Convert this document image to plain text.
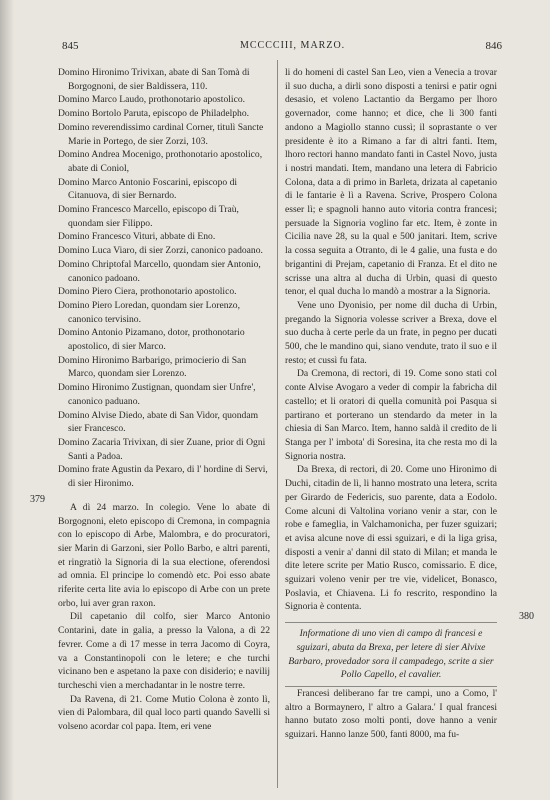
845	MCCCCIII, MARZO.	846
379
380
Domino Hironimo Trivixan, abate di San Tomà di Borgognoni, de sier Baldissera, 110.
Domino Marco Laudo, prothonotario apostolico.
Domino Bortolo Paruta, episcopo de Philadelpho.
Domino reverendissimo cardinal Corner, titulì Sancte Marie in Portego, de sier Zorzi, 103.
Domino Andrea Mocenigo, prothonotario apostolico, abate di Coniol,
Domino Marco Antonio Foscarini, episcopo di Citanuova, di sier Bernardo.
Domino Francesco Marcello, episcopo di Traù, quondam sier Filippo.
Domino Francesco Vituri, abbate di Eno.
Domino Luca Viaro, di sier Zorzi, canonico padoano.
Domino Chriptofal Marcello, quondam sier Antonio, canonico padoano.
Domino Piero Ciera, prothonotario apostolico.
Domino Piero Loredan, quondam sier Lorenzo, canonico tervisino.
Domino Antonio Pizamano, dotor, prothonotario apostolico, di sier Marco.
Domino Hironimo Barbarigo, primocierio di San Marco, quondam sier Lorenzo.
Domino Hironimo Zustignan, quondam sier Unfre', canonico paduano.
Domino Alvise Diedo, abate di San Vidor, quondam sier Francesco.
Domino Zacaria Trivixan, di sier Zuane, prior di Ogni Santi a Padoa.
Domino frate Agustin da Pexaro, di l' hordine di Servi, di sier Hironimo.
A dì 24 marzo. In colegio. Vene lo abate di Borgognoni, eleto episcopo di Cremona, in compagnia con lo episcopo di Arbe, Malombra, e do procuratori, sier Marin di Garzoni, sier Pollo Barbo, e altri parenti, et ringratiò la Signoria di la sua electione, oferendosi ad omnia. El principe lo comendò etc. Poi esso abate riferite certa lite avia lo episcopo di Arbe con un prete orbo, lui aver gran raxon.
Dil capetanio dil colfo, sier Marco Antonio Contarini, date in galia, a presso la Valona, a dì 22 fevrer. Come a dì 17 messe in terra Jacomo di Coyra, va a Constantinopoli con le letere; e che turchi vicinano ben e aspetano la paxe con disiderio; e navilij turcheschi vien a merchadantar in le nostre terre.
Da Ravena, di 21. Come Mutio Colona è zonto lì, vien di Palombara, dil qual loco parti quando Savelli si volseno acordar col papa. Item, eri vene
li do homeni di castel San Leo, vien a Venecia a trovar il suo ducha, a dirli sono disposti a tenirsi e patir ogni desasio, et voleno Lactantio da Bergamo per lhoro governador, come hanno; et dice, che li 300 fanti andono a Magiollo stanno cussì; il soprastante o ver presidente è ito a Rimano a far di altri fanti. Item, lhoro rectori hanno mandato fanti in Castel Novo, justa i nostri mandati. Item, mandano una letera di Fabricio Colona, data a dì primo in Barleta, drizata al capetanio di le fantarie è lì a Ravena. Scrive, Prospero Colona esser lì; e spagnoli hanno auto vitoria contra francesi; persuade la Signoria voglino far etc. Item, è zonte in Cicilia nave 28, su la qual e 500 janitari. Item, scrive la cossa seguita a Otranto, di le 4 galie, una fusta e do brigantini di Prejam, capetanio di Franza. Et el dito ne scrisse una altra al ducha di Urbin, quasi di questo tenor, el qual ducha lo mandò a mostrar a la Signoria.
Vene uno Dyonisio, per nome dil ducha di Urbin, pregando la Signoria volesse scriver a Brexa, dove el suo ducha à certe perle da un frate, in pegno per ducati 500, che le mandino qui, siano vendute, trato il suo e il resto; et cussì fu fata.
Da Cremona, di rectori, di 19. Come sono stati col conte Alvise Avogaro a veder di compir la fabricha dil castello; et li oratori di quella comunità poi Pasqua si partirano et porterano un stendardo da meter in la chiesia di San Marco. Item, hanno saldà il credito de li Stanga per l' imbota' di Soresina, ita che resta mo di la Signoria nostra.
Da Brexa, di rectori, di 20. Come uno Hironimo di Duchi, citadin de lì, li hanno mostrato una letera, scrita per Girardo de Federicis, suo parente, data a Eodolo. Come alcuni di Valtolina voriano venir a star, con le robe e fameglia, in Valchamonicha, per fuzer sguizari; et avisa alcune nove di essi sguizari, e di la liga grisa, disposti a venir a' danni dil stato di Milan; et manda le dite letere scrite per Matio Rusco, comissario. E dice, sguizari voleno venir per tre vie, videlicet, Bonasco, Poslavia, et Chiavena. Li fo rescrito, respondino la Signoria è contenta.
Informatione di uno vien di campo di francesi e sguizari, abuta da Brexa, per letere di sier Alvixe Barbaro, provedador sora il campadego, scrite a sier Pollo Capello, el cavalier.
Francesi deliberano far tre campi, uno a Como, l' altro a Bormaynero, l' altro a Galara.' I qual francesi hanno butato zoso molti ponti, dove hanno a venir sguizari. Hanno lanze 500, fanti 8000, ma fu-
